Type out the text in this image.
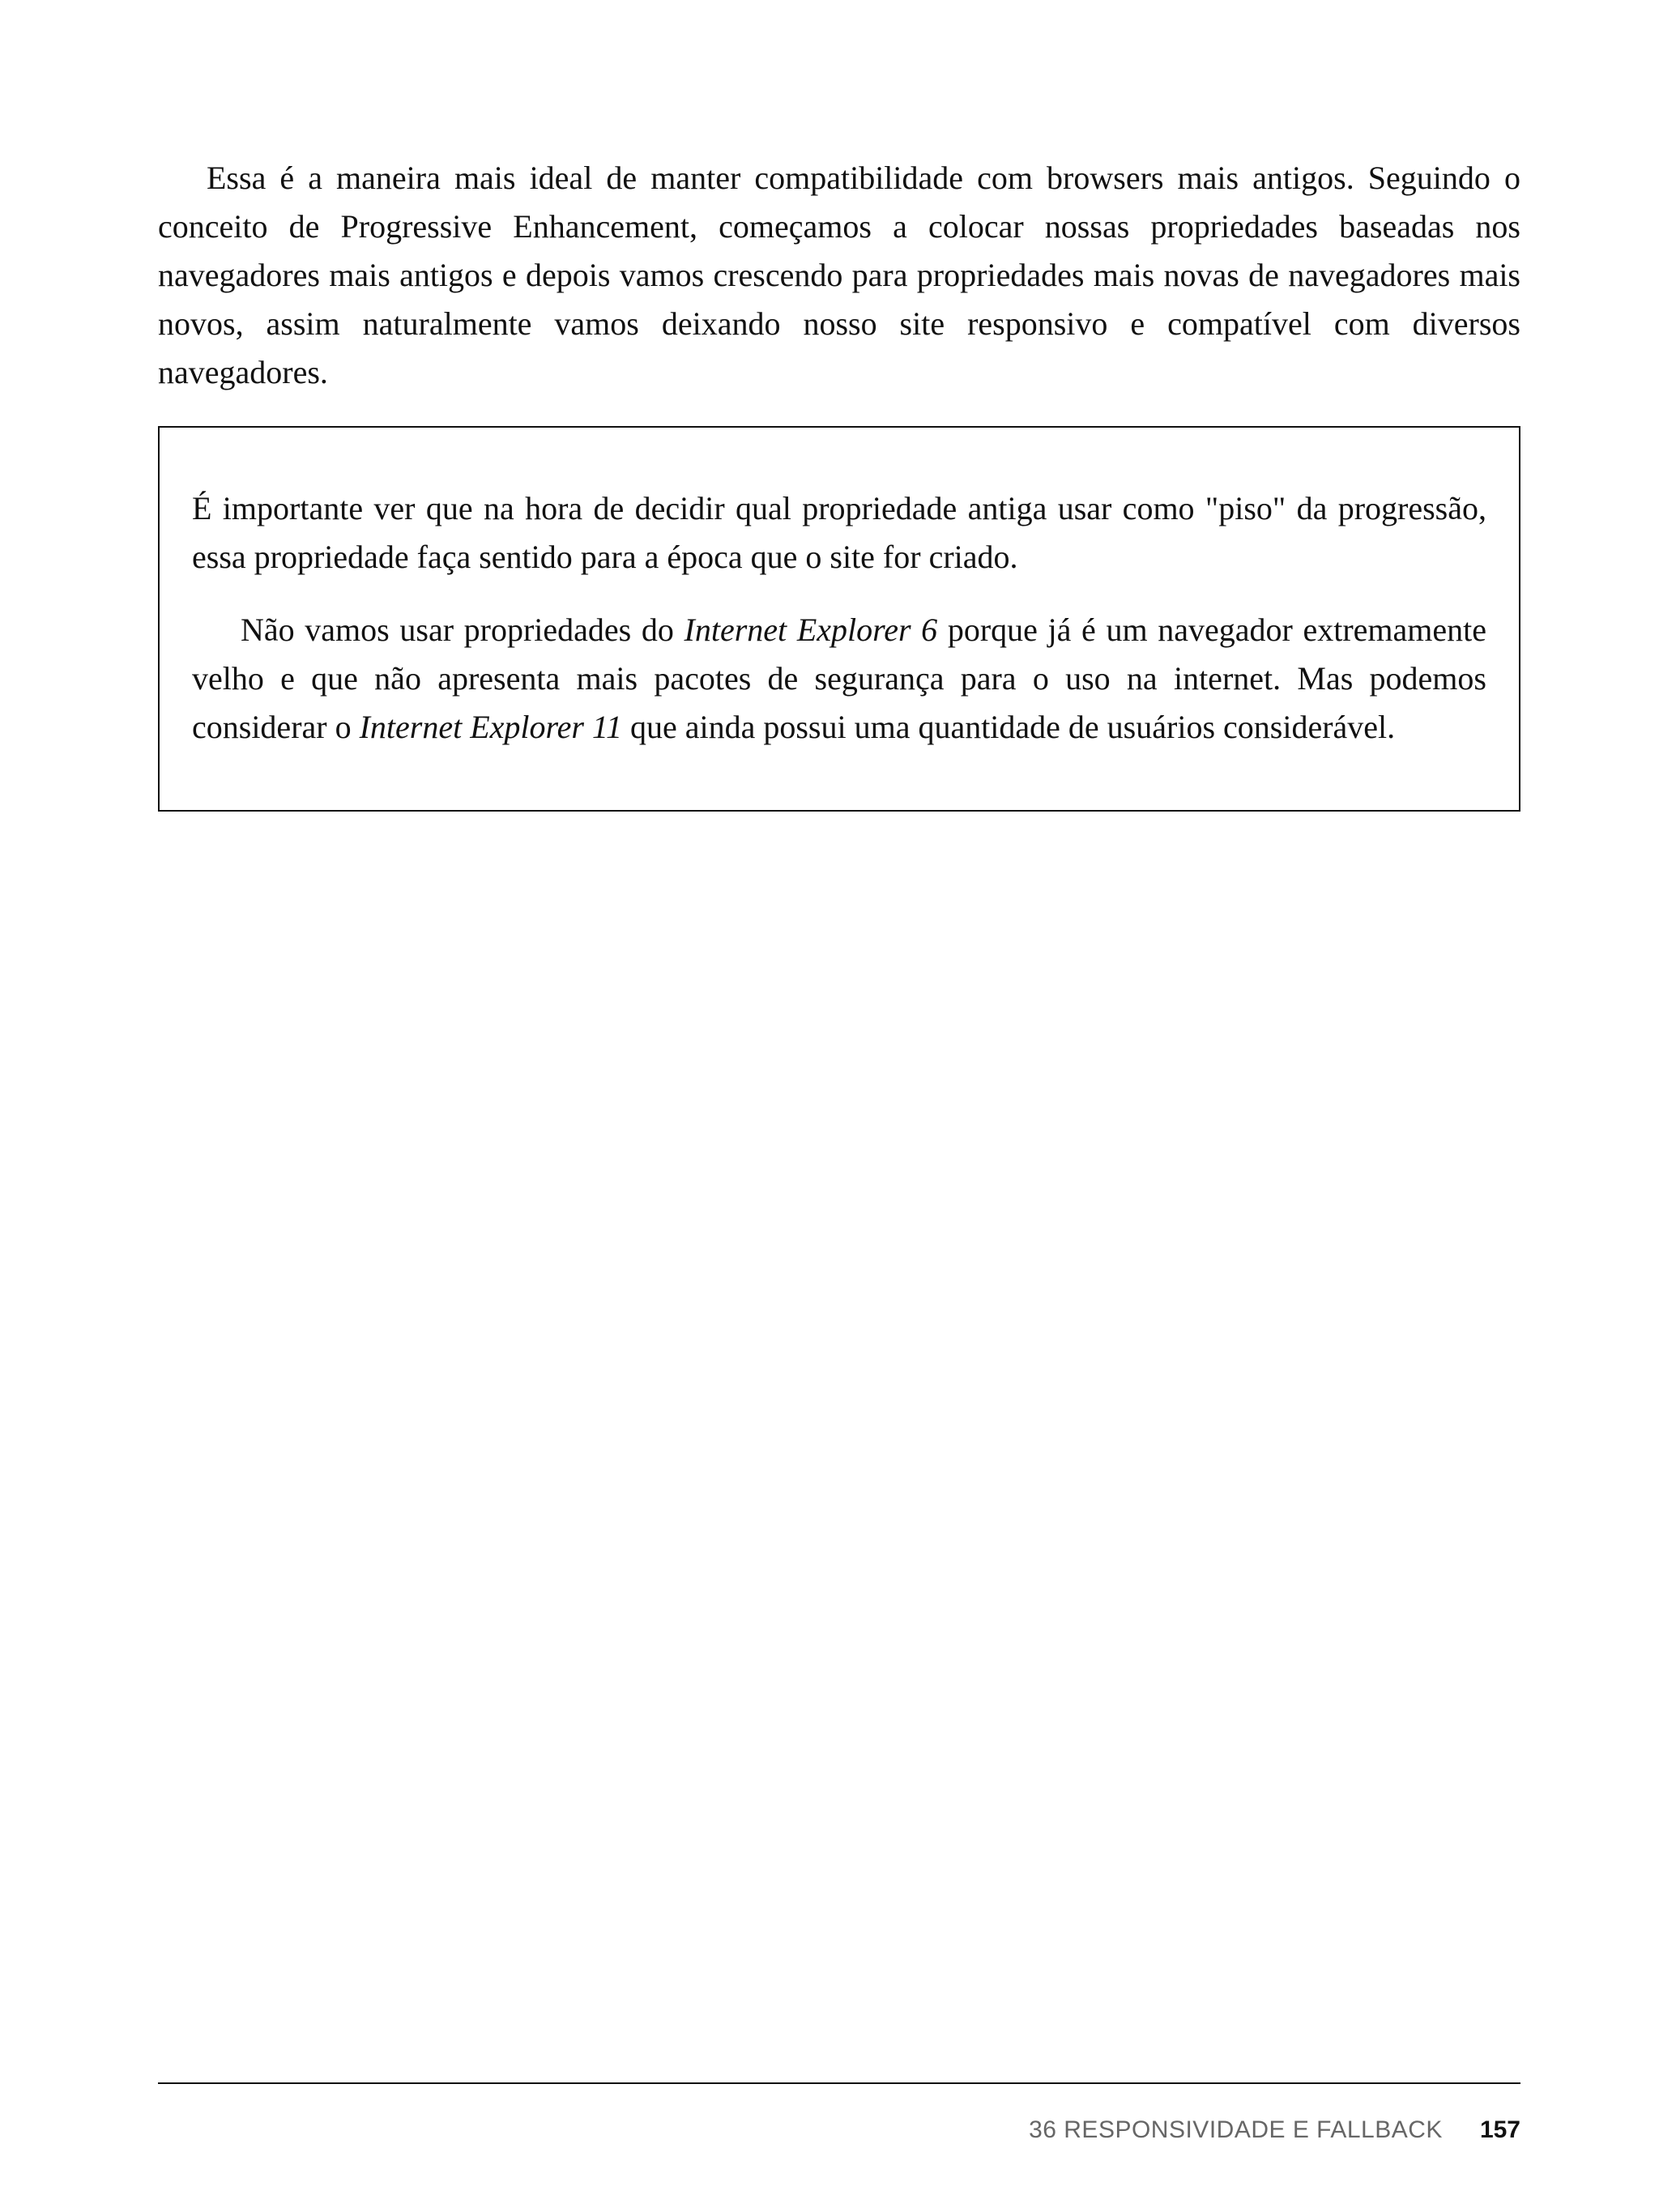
Essa é a maneira mais ideal de manter compatibilidade com browsers mais antigos. Seguindo o conceito de Progressive Enhancement, começamos a colocar nossas propriedades baseadas nos navegadores mais antigos e depois vamos crescendo para propriedades mais novas de navegadores mais novos, assim naturalmente vamos deixando nosso site responsivo e compatível com diversos navegadores.

É importante ver que na hora de decidir qual propriedade antiga usar como "piso" da progressão, essa propriedade faça sentido para a época que o site for criado.

Não vamos usar propriedades do Internet Explorer 6 porque já é um navegador extremamente velho e que não apresenta mais pacotes de segurança para o uso na internet. Mas podemos considerar o Internet Explorer 11 que ainda possui uma quantidade de usuários considerável.

36 RESPONSIVIDADE E FALLBACK 157
